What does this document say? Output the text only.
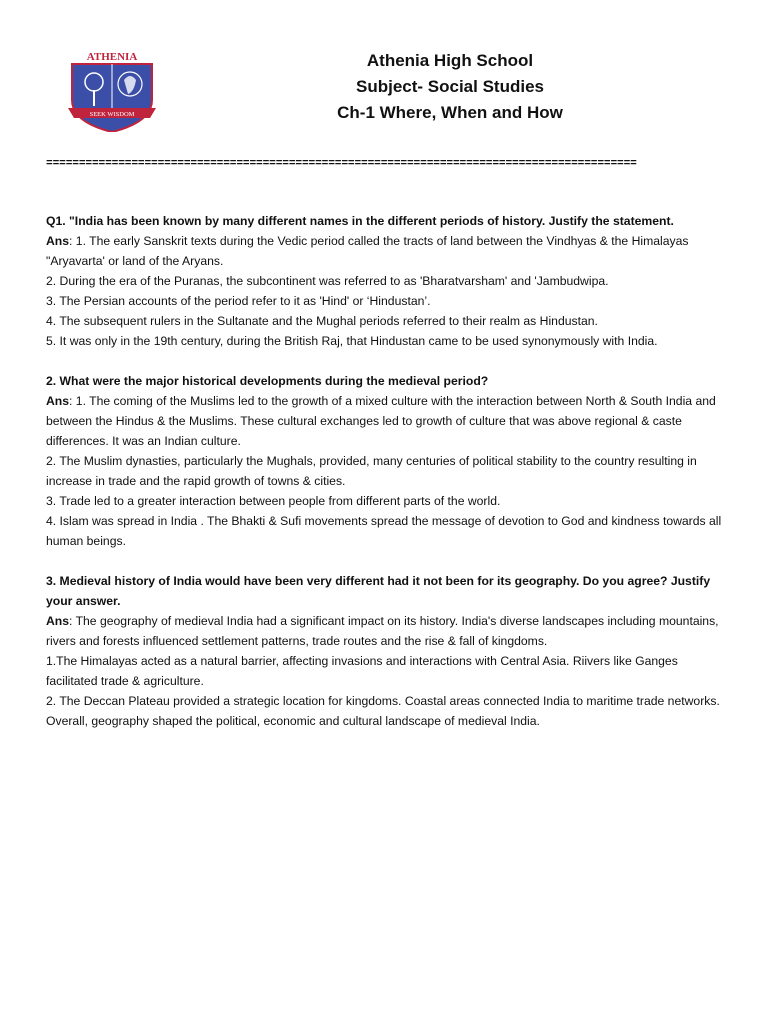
ATHENIA
SEEK WISDOM
Athenia High School
Subject- Social Studies
Ch-1 Where, When and How
==========================================================================================
Q1. "India has been known by many different names in the different periods of history. Justify the statement.
Ans: 1. The early Sanskrit texts during the Vedic period called the tracts of land between the Vindhyas & the Himalayas "Aryavarta' or land of the Aryans.
2. During the era of the Puranas, the subcontinent was referred to as 'Bharatvarsham' and 'Jambudwipa.
3. The Persian accounts of the period refer to it as 'Hind' or ‘Hindustan’.
4. The subsequent rulers in the Sultanate and the Mughal periods referred to their realm as Hindustan.
5. It was only in the 19th century, during the British Raj, that Hindustan came to be used synonymously with India.
2. What were the major historical developments during the medieval period?
Ans: 1. The coming of the Muslims led to the growth of a mixed culture with the interaction between North & South India and between the Hindus & the Muslims. These cultural exchanges led to growth of culture that was above regional & caste differences. It was an Indian culture.
2. The Muslim dynasties, particularly the Mughals, provided, many centuries of political stability to the country resulting in increase in trade and the rapid growth of towns & cities.
3. Trade led to a greater interaction between people from different parts of the world.
4. Islam was spread in India . The Bhakti & Sufi movements spread the message of devotion to God and kindness towards all human beings.
3. Medieval history of India would have been very different had it not been for its geography. Do you agree? Justify your answer.
Ans: The geography of medieval India had a significant impact on its history. India's diverse landscapes including mountains, rivers and forests influenced settlement patterns, trade routes and the rise & fall of kingdoms.
1.The Himalayas acted as a natural barrier, affecting invasions and interactions with Central Asia. Riivers like Ganges facilitated trade & agriculture.
2. The Deccan Plateau provided a strategic location for kingdoms. Coastal areas connected India to maritime trade networks. Overall, geography shaped the political, economic and cultural landscape of medieval India.
